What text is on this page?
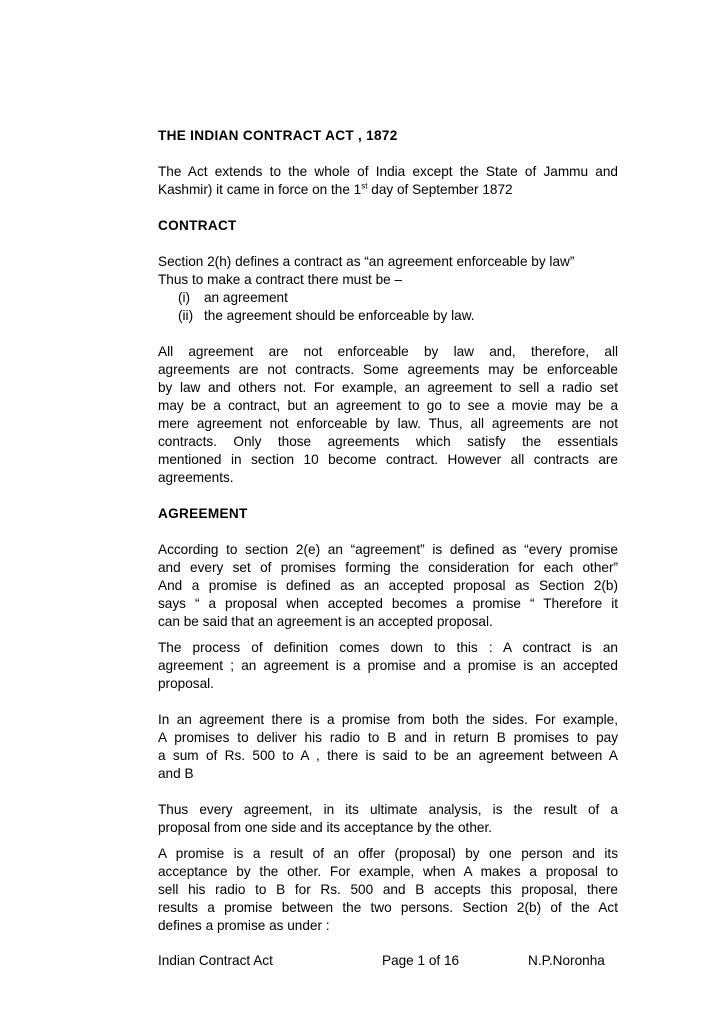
THE INDIAN CONTRACT ACT , 1872
The Act extends to the whole of India except the State of Jammu and
Kashmir) it came in force on the 1st day of September 1872
CONTRACT
Section 2(h) defines a contract as “an agreement enforceable by law”
Thus to make a contract there must be –
(i) an agreement
(ii) the agreement should be enforceable by law.
All agreement are not enforceable by law and, therefore, all
agreements are not contracts. Some agreements may be enforceable
by law and others not. For example, an agreement to sell a radio set
may be a contract, but an agreement to go to see a movie may be a
mere agreement not enforceable by law. Thus, all agreements are not
contracts. Only those agreements which satisfy the essentials
mentioned in section 10 become contract. However all contracts are
agreements.
AGREEMENT
According to section 2(e) an “agreement” is defined as “every promise
and every set of promises forming the consideration for each other”
And a promise is defined as an accepted proposal as Section 2(b)
says “ a proposal when accepted becomes a promise “ Therefore it
can be said that an agreement is an accepted proposal.
The process of definition comes down to this : A contract is an
agreement ; an agreement is a promise and a promise is an accepted
proposal.
In an agreement there is a promise from both the sides. For example,
A promises to deliver his radio to B and in return B promises to pay
a sum of Rs. 500 to A , there is said to be an agreement between A
and B
Thus every agreement, in its ultimate analysis, is the result of a
proposal from one side and its acceptance by the other.
A promise is a result of an offer (proposal) by one person and its
acceptance by the other. For example, when A makes a proposal to
sell his radio to B for Rs. 500 and B accepts this proposal, there
results a promise between the two persons. Section 2(b) of the Act
defines a promise as under :
Indian Contract Act	Page 1 of 16	N.P.Noronha
